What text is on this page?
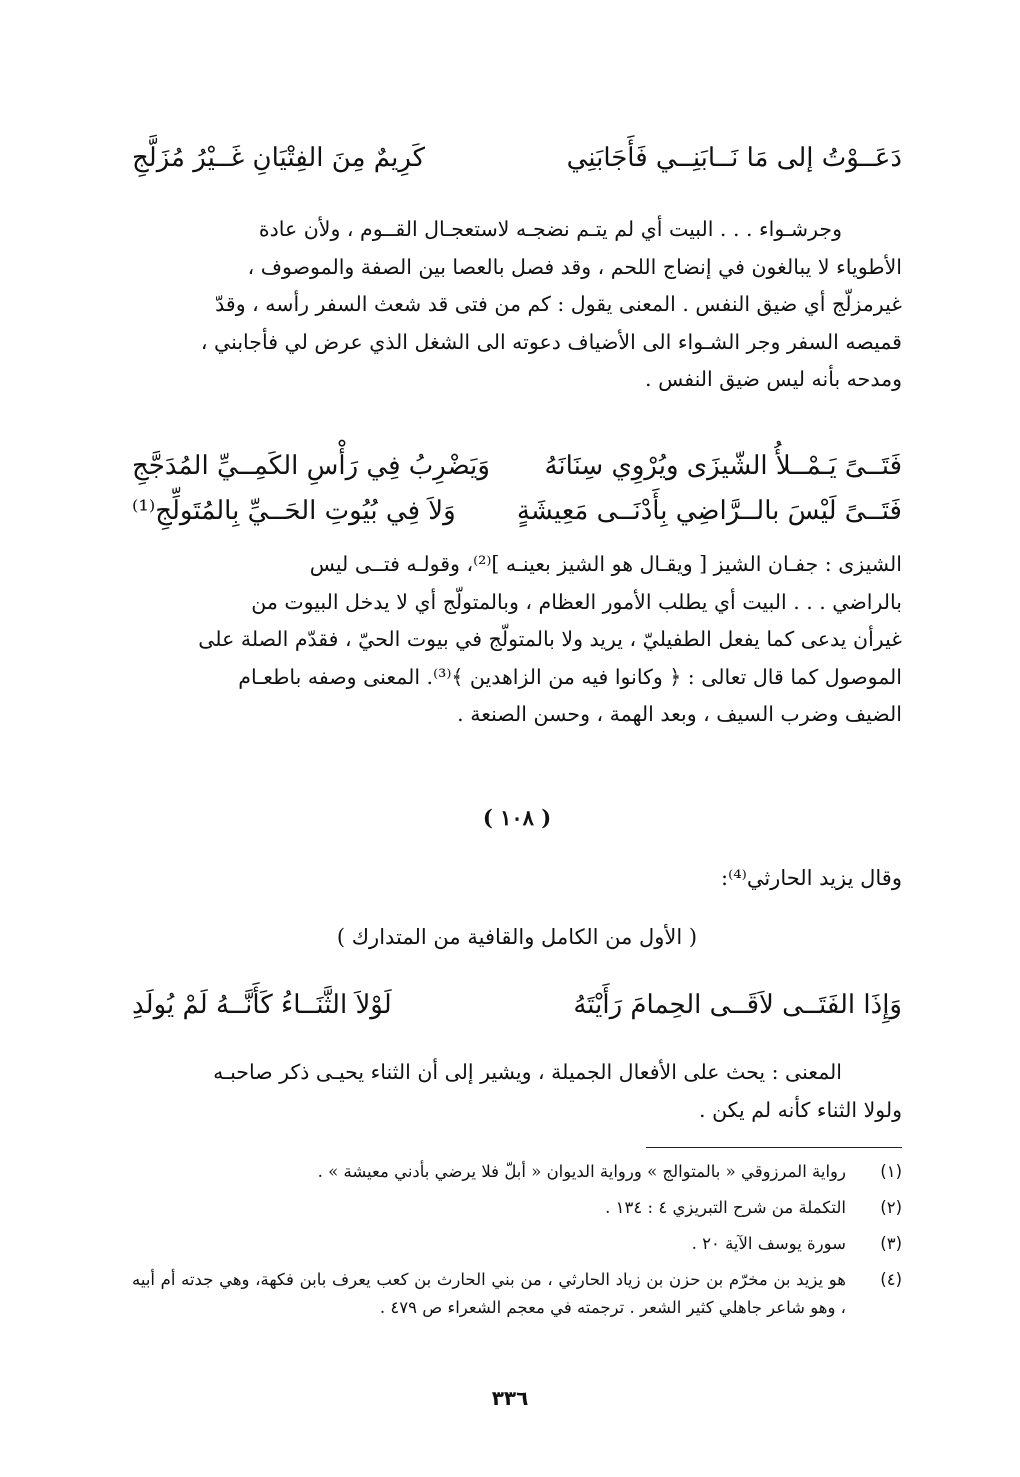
دَعَــوْتُ إلى مَا نَــابَنِــي فَأَجَابَنِي
كَرِيمٌ مِنَ الفِتْيَانِ غَــيْرُ مُزَلَّجِ

وجرشـواء . . . البيت أي لم يتـم نضجـه لاستعجـال القــوم ، ولأن عادة

الأطوياء لا يبالغون في إنضاج اللحم ، وقد فصل بالعصا بين الصفة والموصوف ،

غيرمزلّج أي ضيق النفس . المعنى يقول : كم من فتى قد شعث السفر رأسه ، وقدّ

قميصه السفر وجر الشـواء الى الأضياف دعوته الى الشغل الذي عرض لي فأجابني ،

ومدحه بأنه ليس ضيق النفس .

فَتَــىً يَـمْــلأُ الشّيزَى ويُرْوِي سِنَانَهُ
وَيَضْرِبُ فِي رَأْسِ الكَمِــيِّ المُدَجَّجِ
فَتَــىً لَيْسَ بالــرَّاضِي بِأَدْنَــى مَعِيشَةٍ
وَلاَ فِي بُيُوتِ الحَــيِّ بِالمُتَولِّجِ⁽¹⁾

الشيزى : جفـان الشيز [ ويقـال هو الشيز بعينـه ]⁽²⁾، وقولـه فتــى ليس

بالراضي . . . البيت أي يطلب الأمور العظام ، وبالمتولّج أي لا يدخل البيوت من

غيرأن يدعى كما يفعل الطفيليّ ، يريد ولا بالمتولّج في بيوت الحيّ ، فقدّم الصلة على

الموصول كما قال تعالى : ﴿ وكانوا فيه من الزاهدين ﴾⁽³⁾. المعنى وصفه باطعـام

الضيف وضرب السيف ، وبعد الهمة ، وحسن الصنعة .

( ١٠٨ )
وقال يزيد الحارثي⁽⁴⁾:
( الأول من الكامل والقافية من المتدارك )
وَإِذَا الفَتَــى لاَقَــى الحِمامَ رَأَيْتَهُ
لَوْلاَ الثَّنَــاءُ كَأَنَّــهُ لَمْ يُولَدِ

المعنى : يحث على الأفعال الجميلة ، ويشير إلى أن الثناء يحيـى ذكر صاحبـه

ولولا الثناء كأنه لم يكن .

(١)
رواية المرزوقي « بالمتوالج » ورواية الديوان « أبلّ فلا يرضي بأدني معيشة » .
(٢)
التكملة من شرح التبريزي ٤ : ١٣٤ .
(٣)
سورة يوسف الآية ٢٠ .
(٤)
هو يزيد بن مخرّم بن حزن بن زياد الحارثي ، من بني الحارث بن كعب يعرف بابن فكهة، وهي جدته أم أبيه ، وهو شاعر جاهلي كثير الشعر . ترجمته في معجم الشعراء ص ٤٧٩ .
٣٣٦
